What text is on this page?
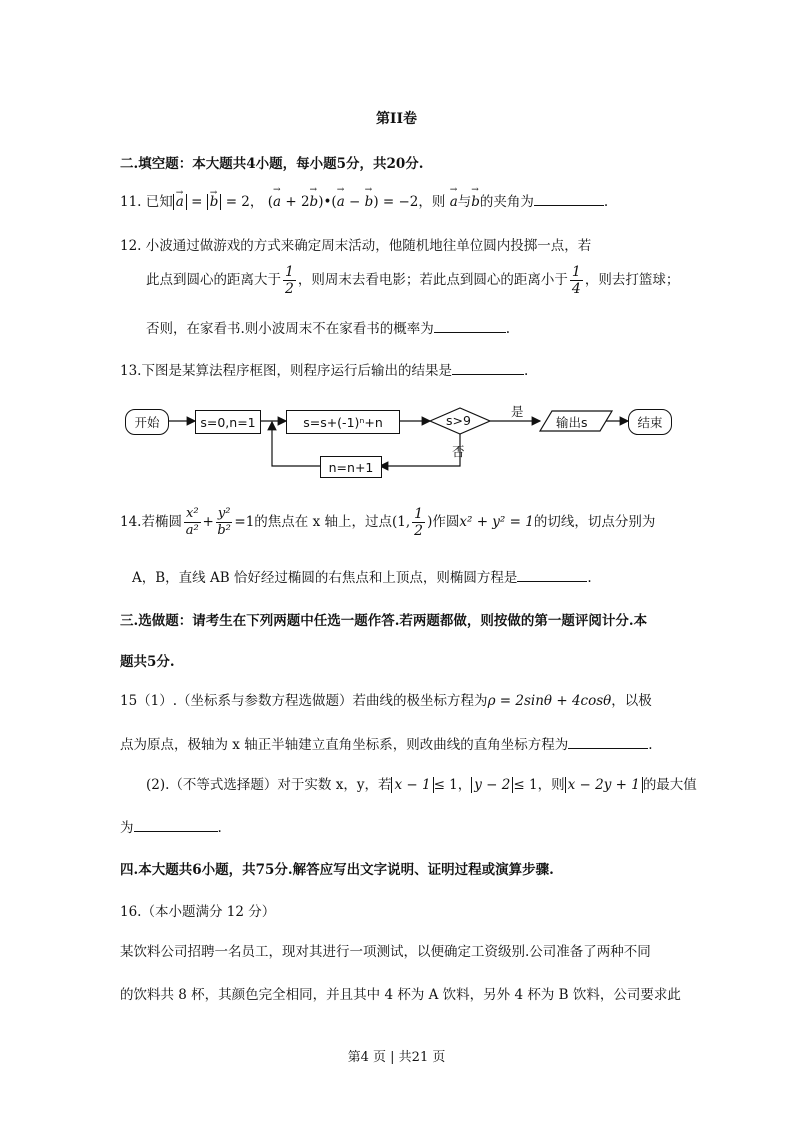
第II卷
二.填空题：本大题共4小题，每小题5分，共20分.
11. 已知 → a = → b = 2， (→ a + 2→ b)•(→ a − → b) = −2，则 → a与→ b的夹角为	.
12. 小波通过做游戏的方式来确定周末活动，他随机地往单位圆内投掷一点，若
此点到圆心的距离大于 $\frac{1}{2}$ ，则周末去看电影；若此点到圆心的距离小于 $\frac{1}{4}$ ，则去打篮球；
否则，在家看书.则小波周末不在家看书的概率为	.
13.下图是某算法程序框图，则程序运行后输出的结果是	.
开始	s=0,n=1	s=s+(-1)ⁿ+n	s>9
是
否
输出s	结束
n=n+1
14.若椭圆 $\frac{\text{x²}}{\text{a²}} + \frac{\text{y²}}{\text{b²}} =1$的焦点在 x 轴上，过点(1, $\frac{1}{2}$ )作圆x² + y² = 1的切线，切点分别为
A，B，直线 AB 恰好经过椭圆的右焦点和上顶点，则椭圆方程是	.
三.选做题：请考生在下列两题中任选一题作答.若两题都做，则按做的第一题评阅计分.本
题共5分.
15（1）.（坐标系与参数方程选做题）若曲线的极坐标方程为ρ = 2sinθ + 4cosθ，以极
点为原点，极轴为 x 轴正半轴建立直角坐标系，则改曲线的直角坐标方程为	.
(2).（不等式选择题）对于实数 x，y，若 x − 1 ≤ 1， y − 2 ≤ 1，则 x − 2y + 1 的最大值
为	.
四.本大题共6小题，共75分.解答应写出文字说明、证明过程或演算步骤.
16.（本小题满分 12 分）
某饮料公司招聘一名员工，现对其进行一项测试，以便确定工资级别.公司准备了两种不同
的饮料共 8 杯，其颜色完全相同，并且其中 4 杯为 A 饮料，另外 4 杯为 B 饮料，公司要求此
第4 页 | 共21 页
